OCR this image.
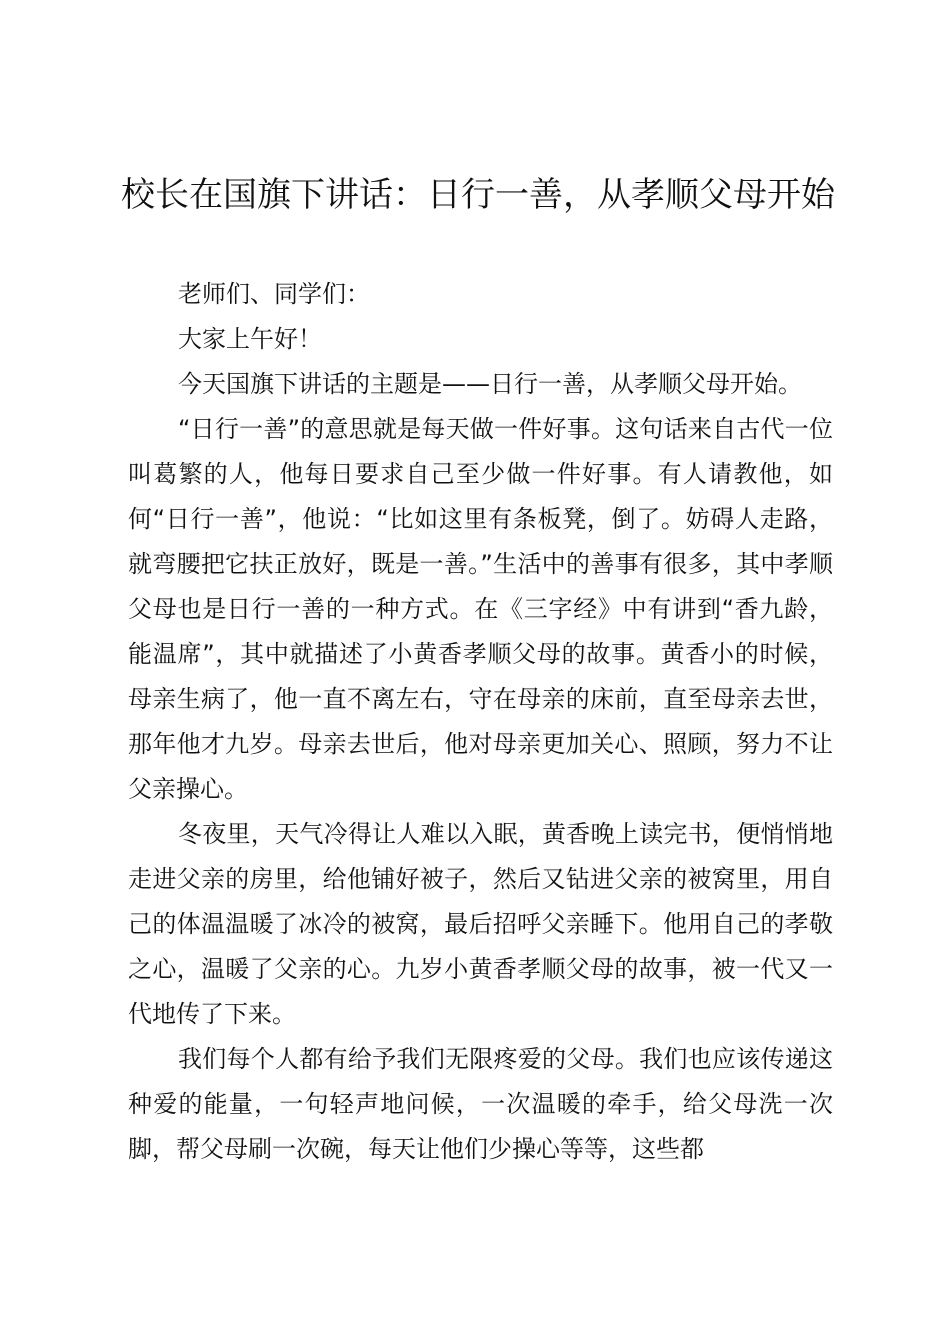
校长在国旗下讲话：日行一善，从孝顺父母开始

老师们、同学们：

大家上午好！

今天国旗下讲话的主题是——日行一善，从孝顺父母开始。

“日行一善”的意思就是每天做一件好事。这句话来自古代一位叫葛繁的人，他每日要求自己至少做一件好事。有人请教他，如何“日行一善”，他说：“比如这里有条板凳，倒了。妨碍人走路，就弯腰把它扶正放好，既是一善。”生活中的善事有很多，其中孝顺父母也是日行一善的一种方式。在《三字经》中有讲到“香九龄，能温席”，其中就描述了小黄香孝顺父母的故事。黄香小的时候，母亲生病了，他一直不离左右，守在母亲的床前，直至母亲去世，那年他才九岁。母亲去世后，他对母亲更加关心、照顾，努力不让父亲操心。

冬夜里，天气冷得让人难以入眠，黄香晚上读完书，便悄悄地走进父亲的房里，给他铺好被子，然后又钻进父亲的被窝里，用自己的体温温暖了冰冷的被窝，最后招呼父亲睡下。他用自己的孝敬之心，温暖了父亲的心。九岁小黄香孝顺父母的故事，被一代又一代地传了下来。

我们每个人都有给予我们无限疼爱的父母。我们也应该传递这种爱的能量，一句轻声地问候，一次温暖的牵手，给父母洗一次脚，帮父母刷一次碗，每天让他们少操心等等，这些都
